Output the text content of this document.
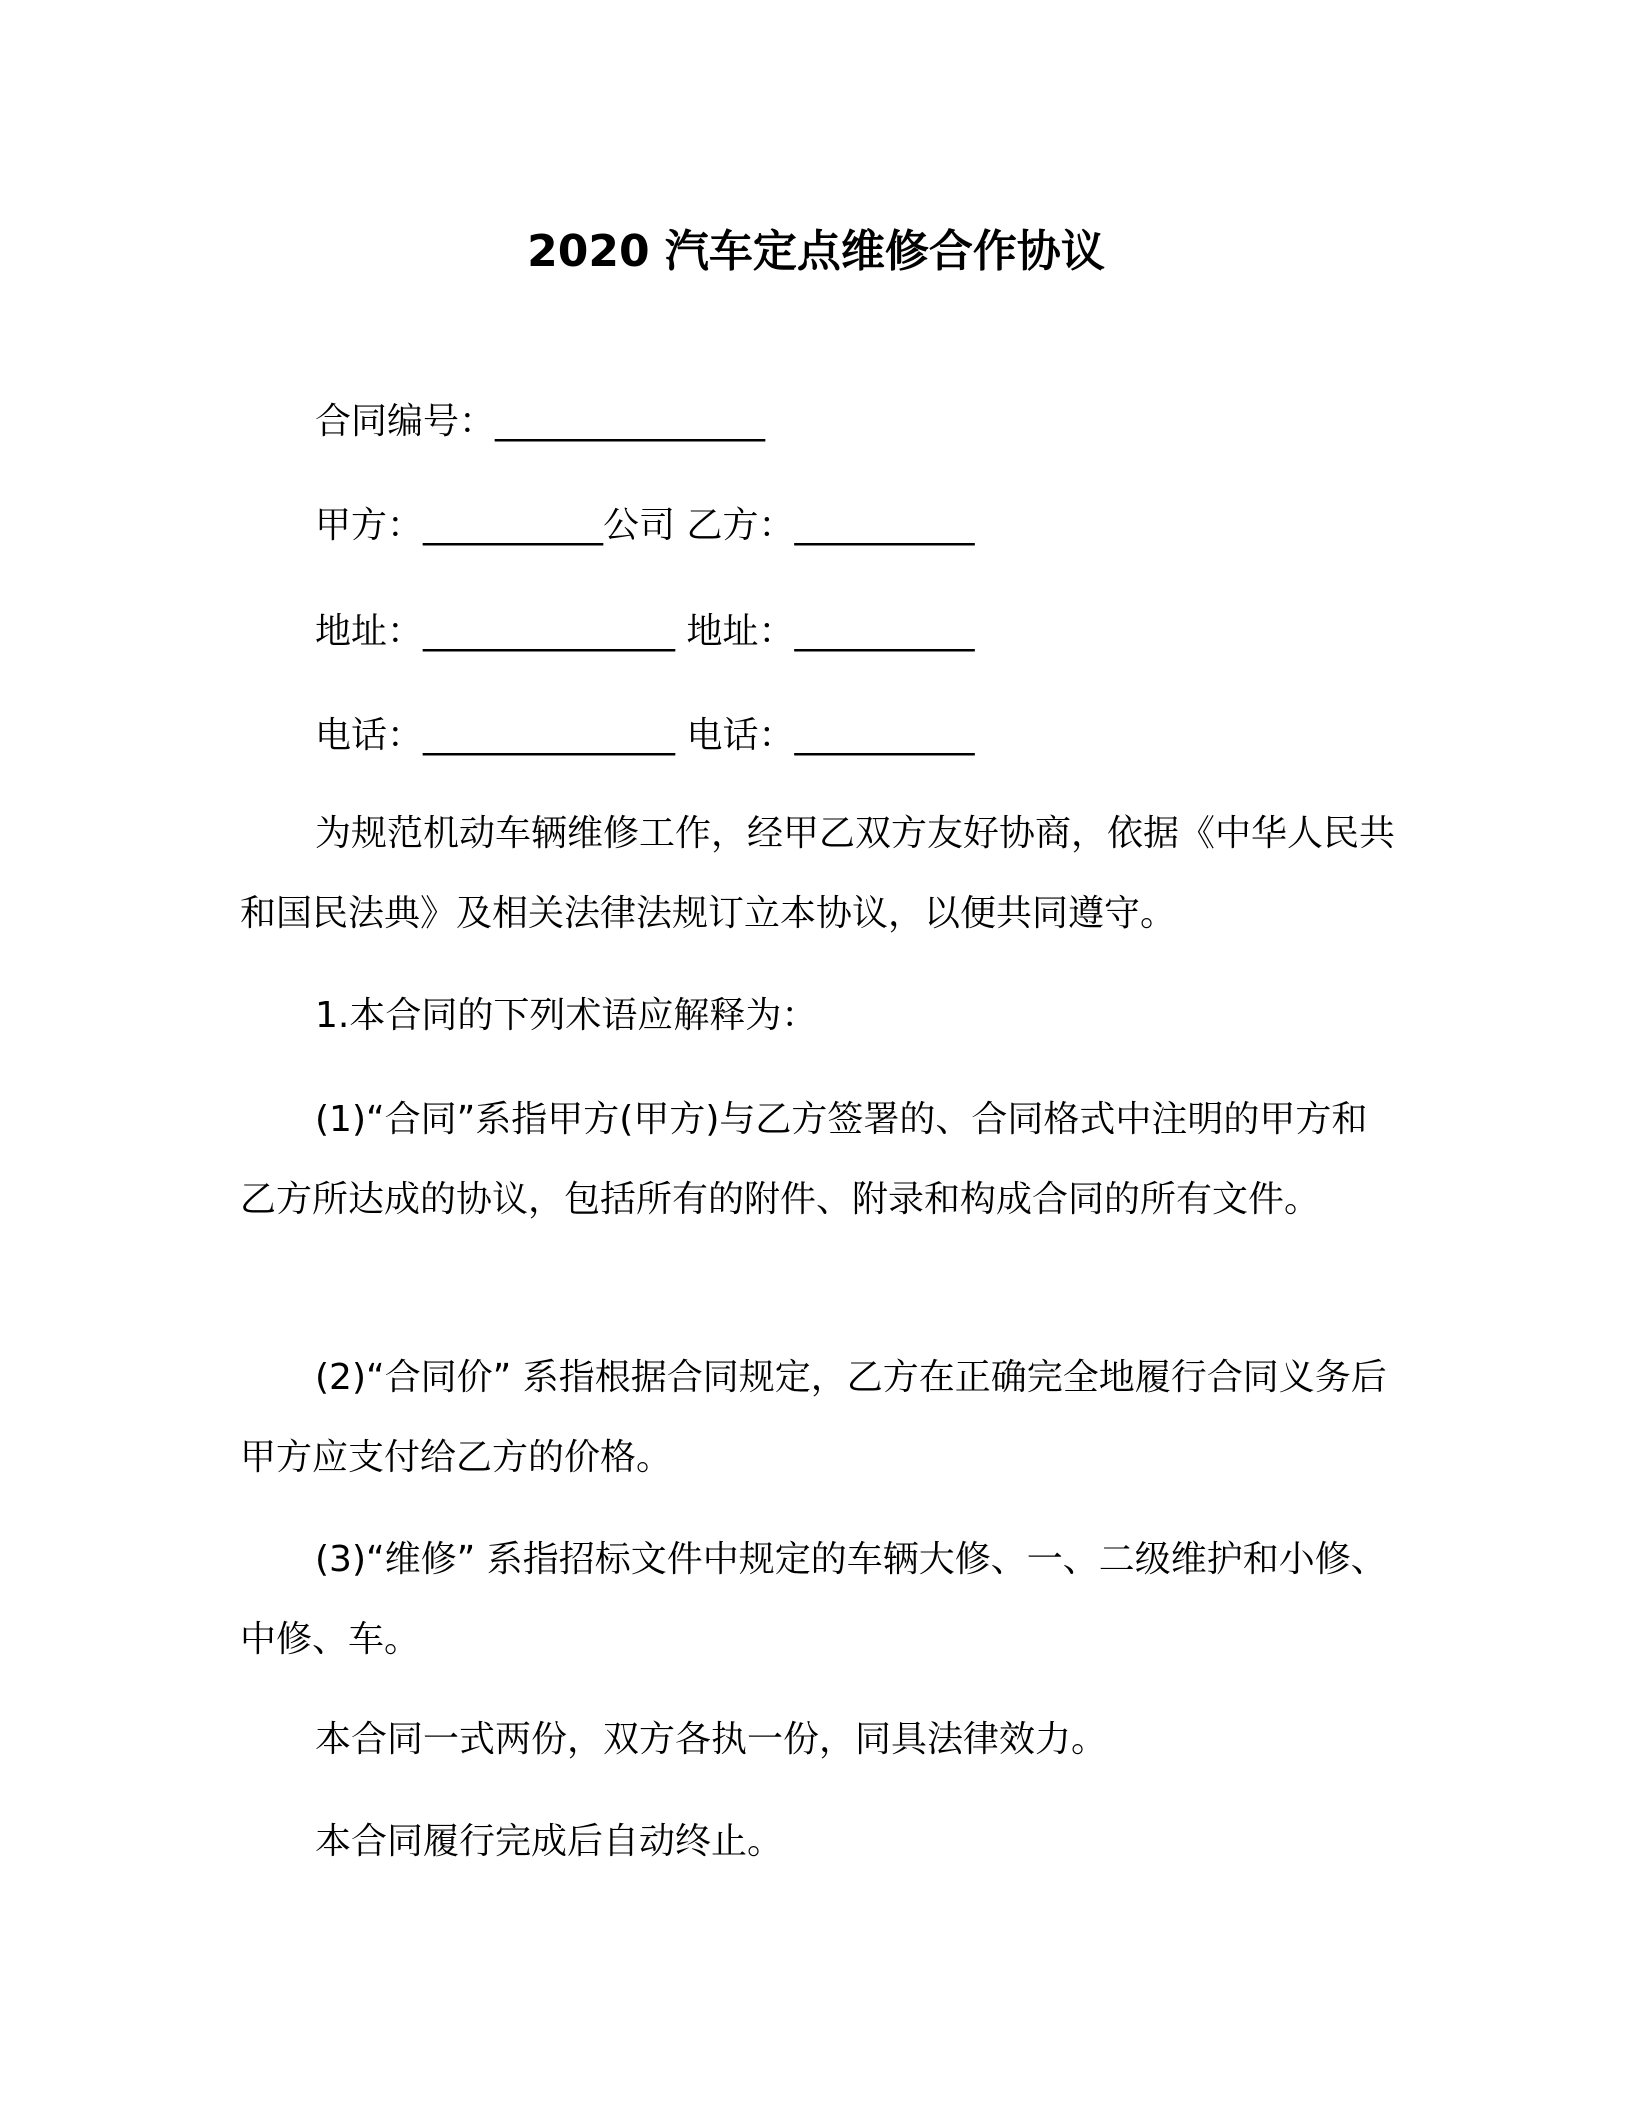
2020 汽车定点维修合作协议
合同编号：_______________
甲方：__________公司 乙方：__________
地址：______________ 地址：__________
电话：______________ 电话：__________
为规范机动车辆维修工作，经甲乙双方友好协商，依据《中华人民共和国民法典》及相关法律法规订立本协议，以便共同遵守。
1.本合同的下列术语应解释为：
(1)“合同”系指甲方(甲方)与乙方签署的、合同格式中注明的甲方和乙方所达成的协议，包括所有的附件、附录和构成合同的所有文件。
(2)“合同价” 系指根据合同规定，乙方在正确完全地履行合同义务后甲方应支付给乙方的价格。
(3)“维修” 系指招标文件中规定的车辆大修、一、二级维护和小修、中修、车。
本合同一式两份，双方各执一份，同具法律效力。
本合同履行完成后自动终止。
